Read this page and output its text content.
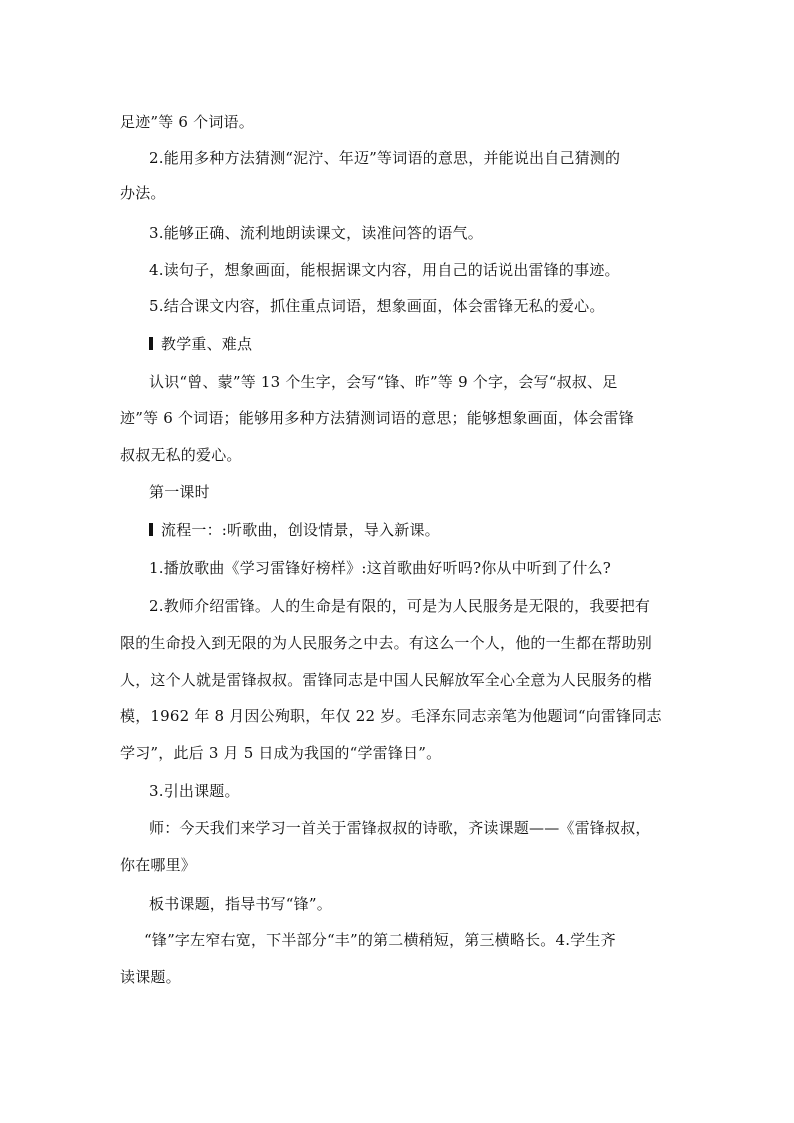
足迹”等 6 个词语。
2.能用多种方法猜测“泥泞、年迈”等词语的意思，并能说出自己猜测的
办法。
3.能够正确、流利地朗读课文，读准问答的语气。
4.读句子，想象画面，能根据课文内容，用自己的话说出雷锋的事迹。
5.结合课文内容，抓住重点词语，想象画面，体会雷锋无私的爱心。
教学重、难点
认识“曾、蒙”等 13 个生字，会写“锋、昨”等 9 个字，会写“叔叔、足
迹”等 6 个词语；能够用多种方法猜测词语的意思；能够想象画面，体会雷锋
叔叔无私的爱心。
第一课时
流程一：:听歌曲，创设情景，导入新课。
1.播放歌曲《学习雷锋好榜样》:这首歌曲好听吗?你从中听到了什么?
2.教师介绍雷锋。人的生命是有限的，可是为人民服务是无限的，我要把有
限的生命投入到无限的为人民服务之中去。有这么一个人，他的一生都在帮助别
人，这个人就是雷锋叔叔。雷锋同志是中国人民解放军全心全意为人民服务的楷
模，1962 年 8 月因公殉职，年仅 22 岁。毛泽东同志亲笔为他题词“向雷锋同志
学习”，此后 3 月 5 日成为我国的“学雷锋日”。
3.引出课题。
师：今天我们来学习一首关于雷锋叔叔的诗歌，齐读课题——《雷锋叔叔，
你在哪里》
板书课题，指导书写“锋”。
“锋”字左窄右宽，下半部分“丰”的第二横稍短，第三横略长。4.学生齐
读课题。
